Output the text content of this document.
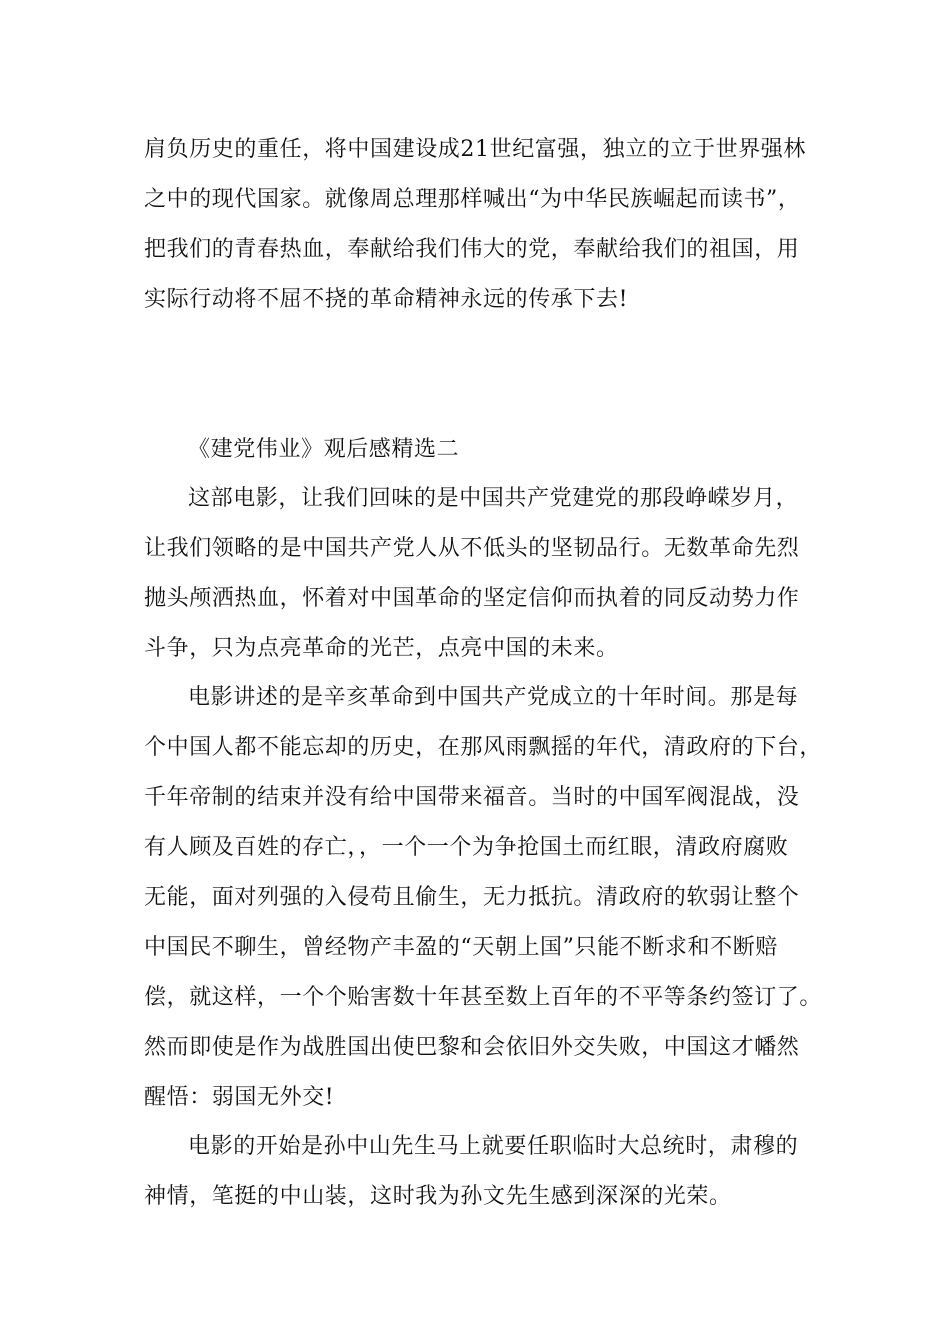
肩负历史的重任，将中国建设成21世纪富强，独立的立于世界强林
之中的现代国家。就像周总理那样喊出“为中华民族崛起而读书”，
把我们的青春热血，奉献给我们伟大的党，奉献给我们的祖国，用
实际行动将不屈不挠的革命精神永远的传承下去!
《建党伟业》观后感精选二
这部电影，让我们回味的是中国共产党建党的那段峥嵘岁月，
让我们领略的是中国共产党人从不低头的坚韧品行。无数革命先烈
抛头颅洒热血，怀着对中国革命的坚定信仰而执着的同反动势力作
斗争，只为点亮革命的光芒，点亮中国的未来。
电影讲述的是辛亥革命到中国共产党成立的十年时间。那是每
个中国人都不能忘却的历史，在那风雨飘摇的年代，清政府的下台，
千年帝制的结束并没有给中国带来福音。当时的中国军阀混战，没
有人顾及百姓的存亡，，一个一个为争抢国土而红眼，清政府腐败
无能，面对列强的入侵苟且偷生，无力抵抗。清政府的软弱让整个
中国民不聊生，曾经物产丰盈的“天朝上国”只能不断求和不断赔
偿，就这样，一个个贻害数十年甚至数上百年的不平等条约签订了。
然而即使是作为战胜国出使巴黎和会依旧外交失败，中国这才幡然
醒悟：弱国无外交!
电影的开始是孙中山先生马上就要任职临时大总统时，肃穆的
神情，笔挺的中山装，这时我为孙文先生感到深深的光荣。
